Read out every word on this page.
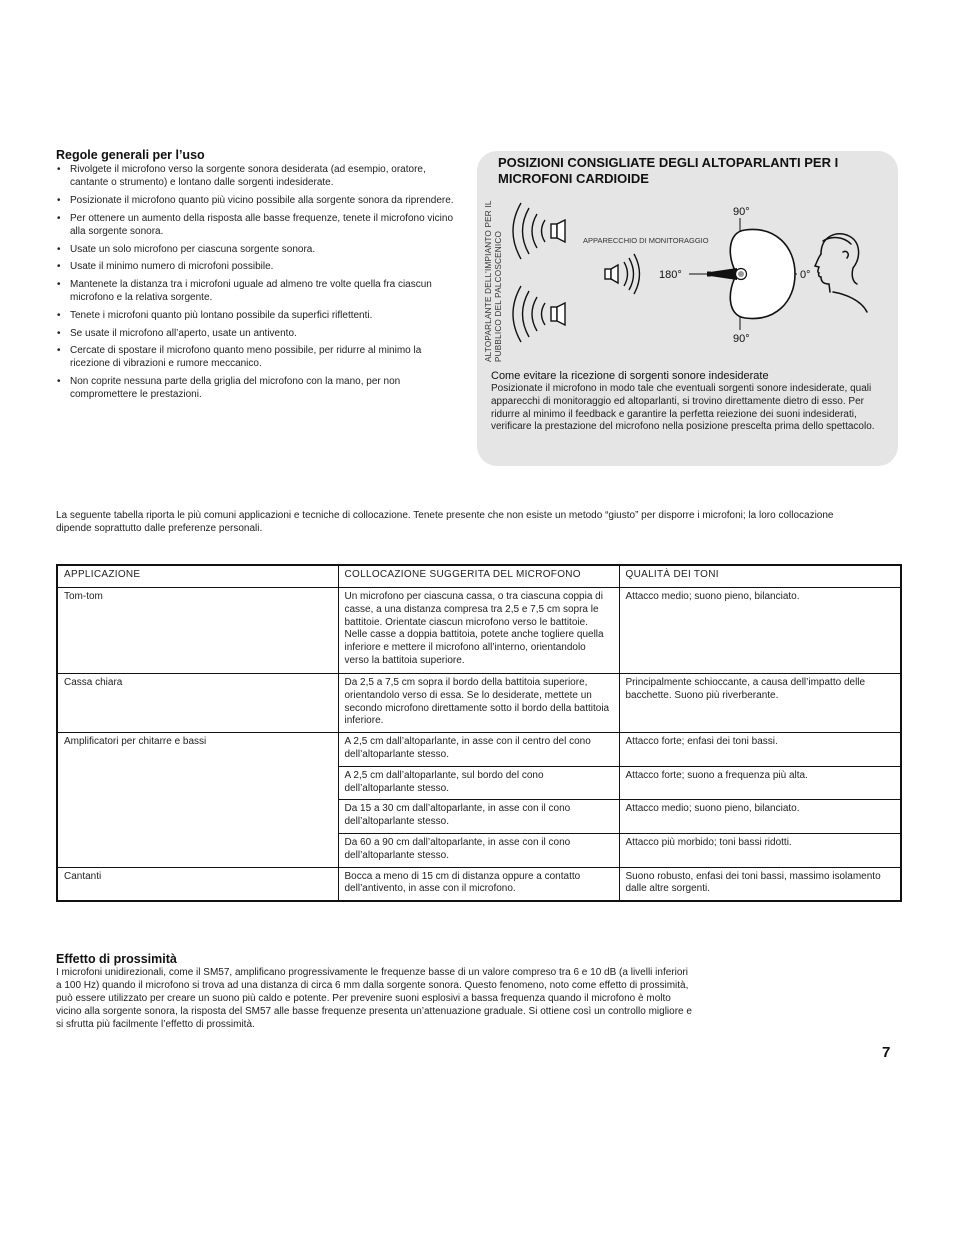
Regole generali per l’uso
• Rivolgete il microfono verso la sorgente sonora desiderata (ad esempio, oratore, cantante o strumento) e lontano dalle sorgenti indesiderate.
• Posizionate il microfono quanto più vicino possibile alla sorgente sonora da riprendere.
• Per ottenere un aumento della risposta alle basse frequenze, tenete il microfono vicino alla sorgente sonora.
• Usate un solo microfono per ciascuna sorgente sonora.
• Usate il minimo numero di microfoni possibile.
• Mantenete la distanza tra i microfoni uguale ad almeno tre volte quella fra ciascun microfono e la relativa sorgente.
• Tenete i microfoni quanto più lontano possibile da superfici riflettenti.
• Se usate il microfono all’aperto, usate un antivento.
• Cercate di spostare il microfono quanto meno possibile, per ridurre al minimo la ricezione di vibrazioni e rumore meccanico.
• Non coprite nessuna parte della griglia del microfono con la mano, per non compromettere le prestazioni.
POSIZIONI CONSIGLIATE DEGLI ALTOPARLANTI PER I MICROFONI CARDIOIDE
ALTOPARLANTE DELL’IMPIANTO PER IL PUBBLICO DEL PALCOSCENICO	APPARECCHIO DI MONITORAGGIO
90°
90°
180°	0°
Come evitare la ricezione di sorgenti sonore indesiderate

Posizionate il microfono in modo tale che eventuali sorgenti sonore indesiderate, quali apparecchi di monitoraggio ed altoparlanti, si trovino direttamente dietro di esso. Per ridurre al minimo il feedback e garantire la perfetta reiezione dei suoni indesiderati, verificare la prestazione del microfono nella posizione prescelta prima dello spettacolo.

La seguente tabella riporta le più comuni applicazioni e tecniche di collocazione. Tenete presente che non esiste un metodo “giusto” per disporre i microfoni; la loro collocazione dipende soprattutto dalle preferenze personali.

APPLICAZIONE	COLLOCAZIONE SUGGERITA DEL MICROFONO	QUALITÀ DEI TONI
Tom-tom	Un microfono per ciascuna cassa, o tra ciascuna coppia di casse, a una distanza compresa tra 2,5 e 7,5 cm sopra le battitoie. Orientate ciascun microfono verso le battitoie. Nelle casse a doppia battitoia, potete anche togliere quella inferiore e mettere il microfono all’interno, orientandolo verso la battitoia superiore.	Attacco medio; suono pieno, bilanciato.
Cassa chiara	Da 2,5 a 7,5 cm sopra il bordo della battitoia superiore, orientandolo verso di essa. Se lo desiderate, mettete un secondo microfono direttamente sotto il bordo della battitoia inferiore.	Principalmente schioccante, a causa dell’impatto delle bacchette. Suono più riverberante.
Amplificatori per chitarre e bassi	A 2,5 cm dall’altoparlante, in asse con il centro del cono dell’altoparlante stesso.	Attacco forte; enfasi dei toni bassi.
	A 2,5 cm dall’altoparlante, sul bordo del cono dell’altoparlante stesso.	Attacco forte; suono a frequenza più alta.
	Da 15 a 30 cm dall’altoparlante, in asse con il cono dell’altoparlante stesso.	Attacco medio; suono pieno, bilanciato.
	Da 60 a 90 cm dall’altoparlante, in asse con il cono dell’altoparlante stesso.	Attacco più morbido; toni bassi ridotti.
Cantanti	Bocca a meno di 15 cm di distanza oppure a contatto dell’antivento, in asse con il microfono.	Suono robusto, enfasi dei toni bassi, massimo isolamento dalle altre sorgenti.
Effetto di prossimità

I microfoni unidirezionali, come il SM57, amplificano progressivamente le frequenze basse di un valore compreso tra 6 e 10 dB (a livelli inferiori a 100 Hz) quando il microfono si trova ad una distanza di circa 6 mm dalla sorgente sonora. Questo fenomeno, noto come effetto di prossimità, può essere utilizzato per creare un suono più caldo e potente. Per prevenire suoni esplosivi a bassa frequenza quando il microfono è molto vicino alla sorgente sonora, la risposta del SM57 alle basse frequenze presenta un’attenuazione graduale. Si ottiene così un controllo migliore e si sfrutta più facilmente l’effetto di prossimità.

7
